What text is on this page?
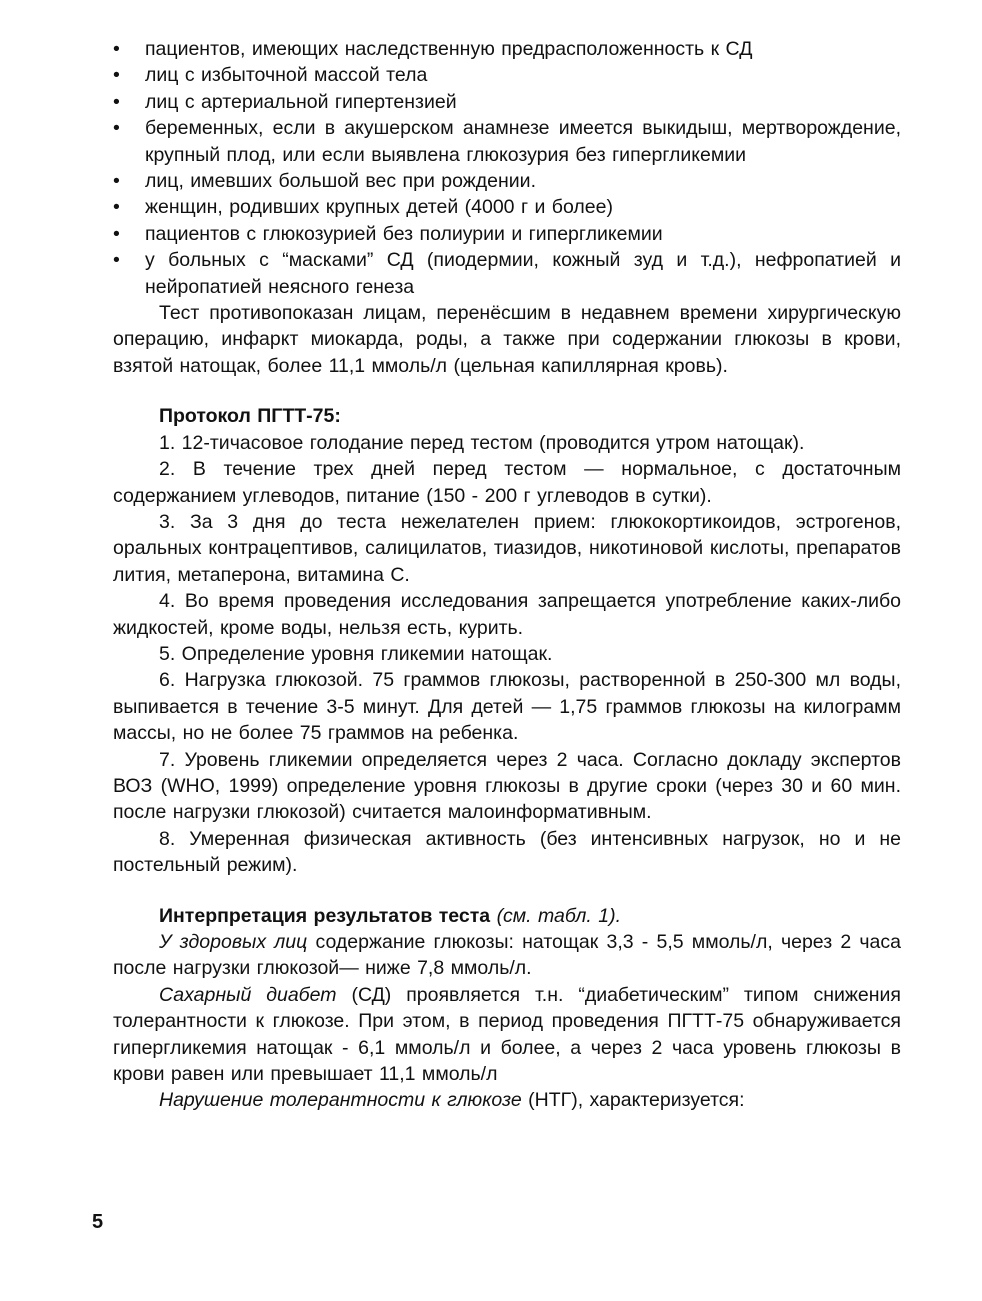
•	пациентов, имеющих наследственную предрасположенность к СД
•	лиц с избыточной массой тела
•	лиц с артериальной гипертензией
•	беременных, если в акушерском анамнезе имеется выкидыш, мертворождение, крупный плод, или если выявлена глюкозурия без гипергликемии
•	лиц, имевших большой вес при рождении.
•	женщин, родивших крупных детей (4000 г и более)
•	пациентов с глюкозурией без полиурии и гипергликемии
•	у больных с “масками” СД (пиодермии, кожный зуд и т.д.), нефропатией и нейропатией неясного генеза

Тест противопоказан лицам, перенёсшим в недавнем времени хирургическую операцию, инфаркт миокарда, роды, а также при содержании глюкозы в крови, взятой натощак, более 11,1 ммоль/л (цельная капиллярная кровь).

Протокол ПГТТ-75:

1. 12-тичасовое голодание перед тестом (проводится утром натощак).

2. В течение трех дней перед тестом — нормальное, с достаточным содержанием углеводов, питание (150 - 200 г углеводов в сутки).

3. За 3 дня до теста нежелателен прием: глюкокортикоидов, эстрогенов, оральных контрацептивов, салицилатов, тиазидов, никотиновой кислоты, препаратов лития, метаперона, витамина С.

4. Во время проведения исследования запрещается употребление каких-либо жидкостей, кроме воды, нельзя есть, курить.

5. Определение уровня гликемии натощак.

6. Нагрузка глюкозой. 75 граммов глюкозы, растворенной в 250-300 мл воды, выпивается в течение 3-5 минут. Для детей — 1,75 граммов глюкозы на килограмм массы, но не более 75 граммов на ребенка.

7. Уровень гликемии определяется через 2 часа. Согласно докладу экспертов ВОЗ (WHO, 1999) определение уровня глюкозы в другие сроки (через 30 и 60 мин. после нагрузки глюкозой) считается малоинформативным.

8. Умеренная физическая активность (без интенсивных нагрузок, но и не постельный режим).

Интерпретация результатов теста (см. табл. 1).

У здоровых лиц содержание глюкозы: натощак 3,3 - 5,5 ммоль/л, через 2 часа после нагрузки глюкозой— ниже 7,8 ммоль/л.

Сахарный диабет (СД) проявляется т.н. “диабетическим” типом снижения толерантности к глюкозе. При этом, в период проведения ПГТТ-75 обнаруживается гипергликемия натощак - 6,1 ммоль/л и более, а через 2 часа уровень глюкозы в крови равен или превышает 11,1 ммоль/л

Нарушение толерантности к глюкозе (НТГ), характеризуется:

5
